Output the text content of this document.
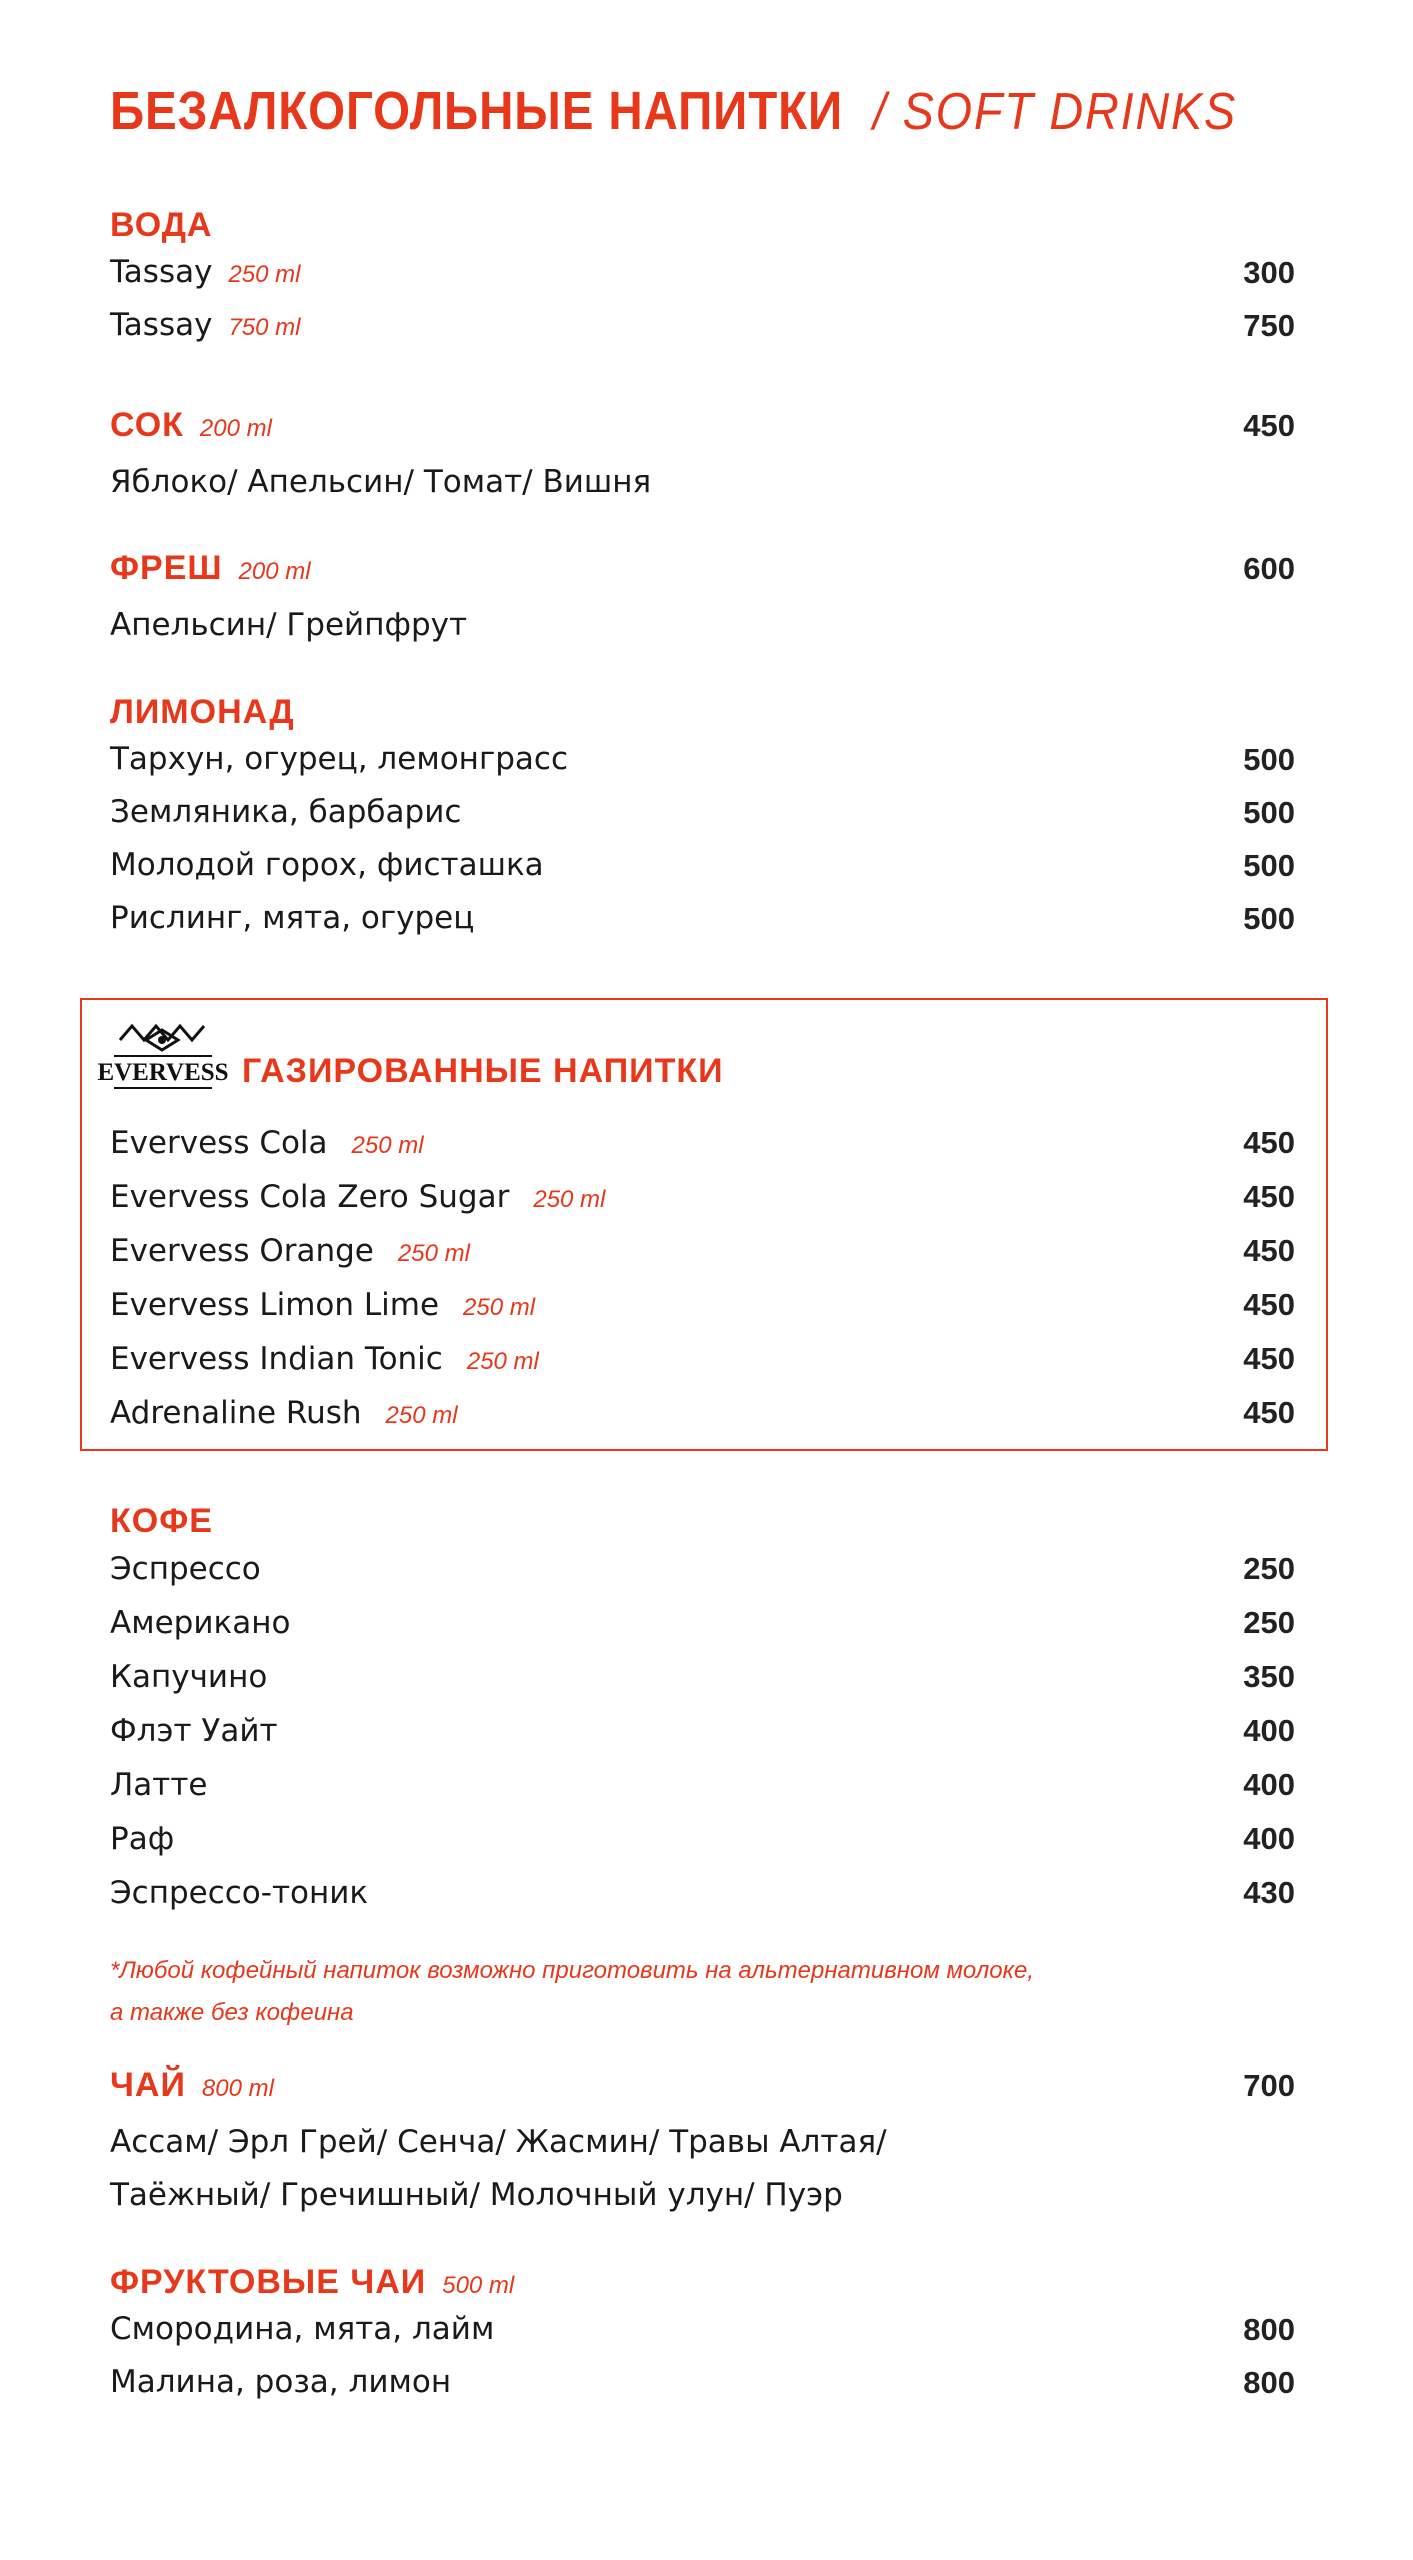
БЕЗАЛКОГОЛЬНЫЕ НАПИТКИ / SOFT DRINKS
ВОДА
Tassay 250 ml	300
Tassay 750 ml	750
СОК 200 ml	450
Яблоко/ Апельсин/ Томат/ Вишня
ФРЕШ 200 ml	600
Апельсин/ Грейпфрут
ЛИМОНАД
Тархун, огурец, лемонграсс	500
Земляника, барбарис	500
Молодой горох, фисташка	500
Рислинг, мята, огурец	500
EVERVESS ГАЗИРОВАННЫЕ НАПИТКИ
Evervess Cola 250 ml	450
Evervess Cola Zero Sugar 250 ml	450
Evervess Orange 250 ml	450
Evervess Limon Lime 250 ml	450
Evervess Indian Tonic 250 ml	450
Adrenaline Rush 250 ml	450
КОФЕ
Эспрессо	250
Американо	250
Капучино	350
Флэт Уайт	400
Латте	400
Раф	400
Эспрессо-тоник	430
*Любой кофейный напиток возможно приготовить на альтернативном молоке,
а также без кофеина
ЧАЙ 800 ml	700
Ассам/ Эрл Грей/ Сенча/ Жасмин/ Травы Алтая/
Таёжный/ Гречишный/ Молочный улун/ Пуэр
ФРУКТОВЫЕ ЧАИ 500 ml
Смородина, мята, лайм	800
Малина, роза, лимон	800
